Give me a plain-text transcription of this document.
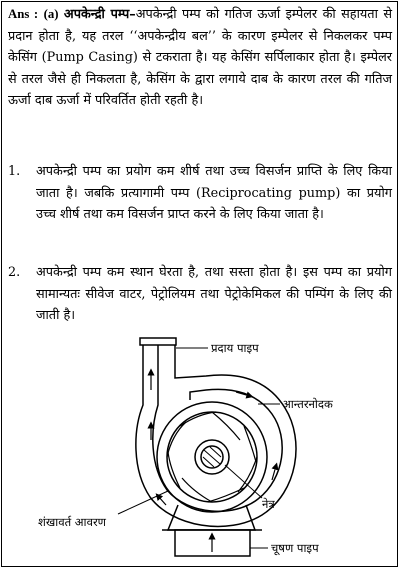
Ans : (a) अपकेन्द्री पम्प–अपकेन्द्री पम्प को गतिज ऊर्जा इम्पेलर की सहायता से प्रदान होता है, यह तरल ‘‘अपकेन्द्रीय बल’’ के कारण इम्पेलर से निकलकर पम्प केसिंग (Pump Casing) से टकराता है। यह केसिंग सर्पिलाकार होता है। इम्पेलर से तरल जैसे ही निकलता है, केसिंग के द्वारा लगाये दाब के कारण तरल की गतिज ऊर्जा दाब ऊर्जा में परिवर्तित होती रहती है।
1.	अपकेन्द्री पम्प का प्रयोग कम शीर्ष तथा उच्च विसर्जन प्राप्ति के लिए किया जाता है। जबकि प्रत्यागामी पम्प (Reciprocating pump) का प्रयोग उच्च शीर्ष तथा कम विसर्जन प्राप्त करने के लिए किया जाता है।
2.	अपकेन्द्री पम्प कम स्थान घेरता है, तथा सस्ता होता है। इस पम्प का प्रयोग सामान्यतः सीवेज वाटर, पेट्रोलियम तथा पेट्रोकेमिकल की पम्पिंग के लिए की जाती है।
प्रदाय पाइप
आन्तरनोदक
नेत्र
शंखावर्त आवरण
चूषण पाइप
